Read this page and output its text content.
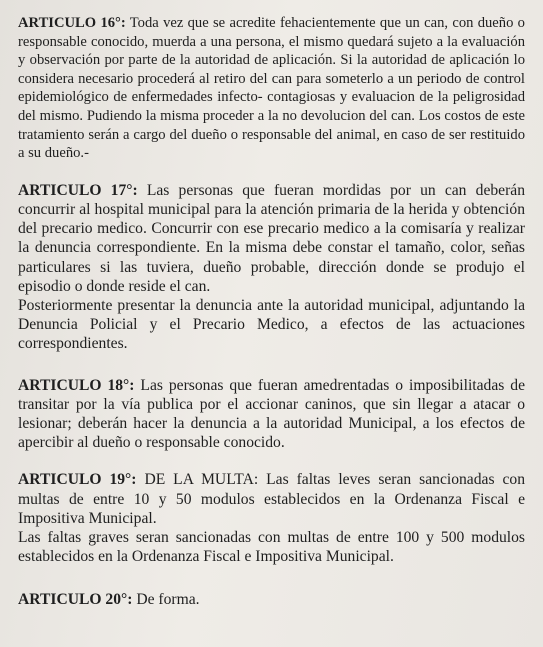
ARTICULO 16°: Toda vez que se acredite fehacientemente que un can, con dueño o responsable conocido, muerda a una persona, el mismo quedará sujeto a la evaluación y observación por parte de la autoridad de aplicación. Si la autoridad de aplicación lo considera necesario procederá al retiro del can para someterlo a un periodo de control epidemiológico de enfermedades infecto- contagiosas y evaluacion de la peligrosidad del mismo. Pudiendo la misma proceder a la no devolucion del can. Los costos de este tratamiento serán a cargo del dueño o responsable del animal, en caso de ser restituido a su dueño.-

ARTICULO 17°: Las personas que fueran mordidas por un can deberán concurrir al hospital municipal para la atención primaria de la herida y obtención del precario medico. Concurrir con ese precario medico a la comisaría y realizar la denuncia correspondiente. En la misma debe constar el tamaño, color, señas particulares si las tuviera, dueño probable, dirección donde se produjo el episodio o donde reside el can.

Posteriormente presentar la denuncia ante la autoridad municipal, adjuntando la Denuncia Policial y el Precario Medico, a efectos de las actuaciones correspondientes.

ARTICULO 18°: Las personas que fueran amedrentadas o imposibilitadas de transitar por la vía publica por el accionar caninos, que sin llegar a atacar o lesionar; deberán hacer la denuncia a la autoridad Municipal, a los efectos de apercibir al dueño o responsable conocido.

ARTICULO 19°: DE LA MULTA: Las faltas leves seran sancionadas con multas de entre 10 y 50 modulos establecidos en la Ordenanza Fiscal e Impositiva Municipal.

Las faltas graves seran sancionadas con multas de entre 100 y 500 modulos establecidos en la Ordenanza Fiscal e Impositiva Municipal.

ARTICULO 20°: De forma.
